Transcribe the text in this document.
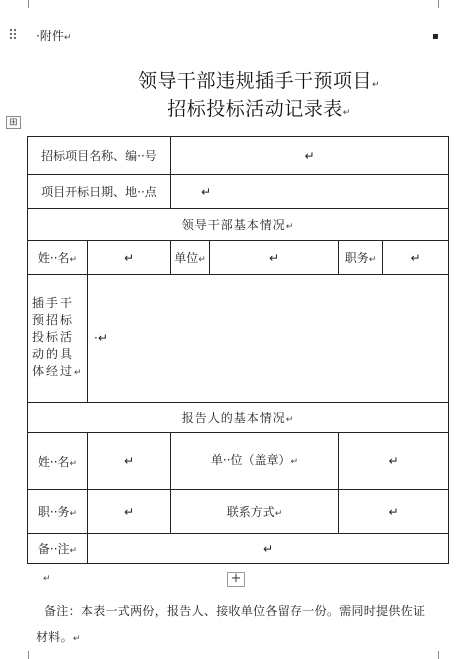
⠿	▪
·附件↵
领导干部违规插手干预项目↵
招标投标活动记录表↵
⊞
招标项目名称、编··号		↵			
项目开标日期、地··点		↵			
领导干部基本情况↵					
姓··名↵	↵	单位↵	↵	职务↵	↵
插手干预招标投标活动的具体经过↵	·↵				
报告人的基本情况↵					
姓··名↵	↵	单··位（盖章）↵		↵	
职··务↵	↵	联系方式↵		↵	
备··注↵	↵				
↵	+
备注：本表一式两份，报告人、接收单位各留存一份。需同时提供佐证材料。↵
